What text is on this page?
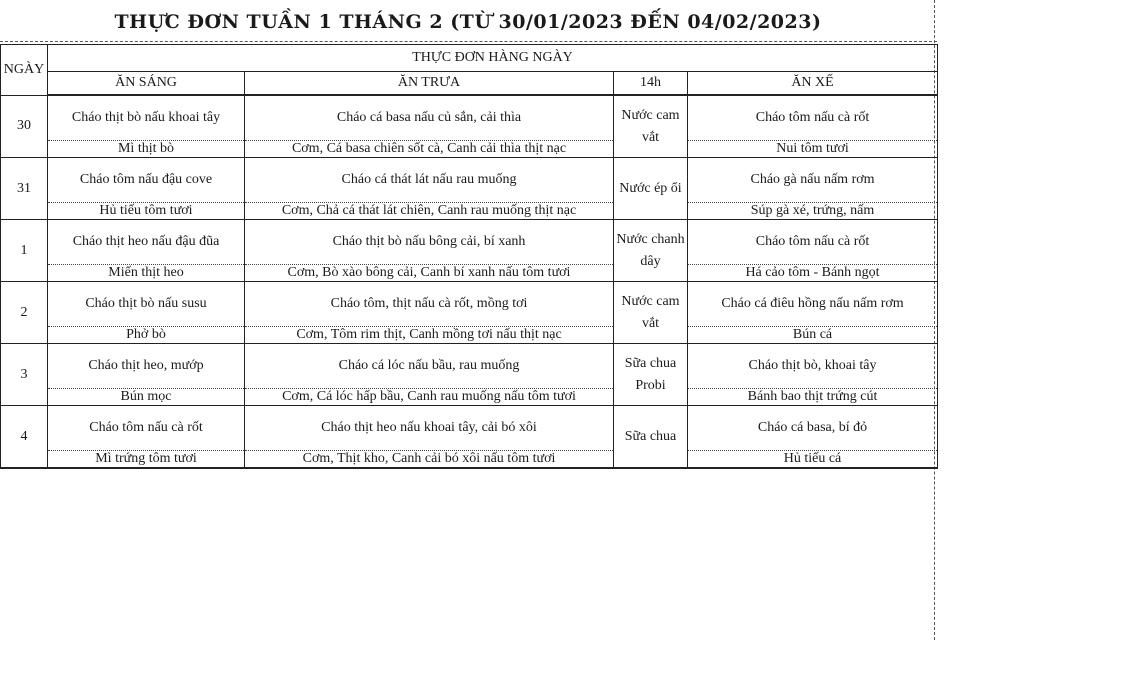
THỰC ĐƠN TUẦN 1 THÁNG 2 (TỪ 30/01/2023 ĐẾN 04/02/2023)
NGÀY	THỰC ĐƠN HÀNG NGÀY			
	ĂN SÁNG	ĂN TRƯA	14h	ĂN XẾ
30	Cháo thịt bò nấu khoai tây	Cháo cá basa nấu củ sắn, cải thìa	Nước cam vắt	Cháo tôm nấu cà rốt
	Mì thịt bò	Cơm, Cá basa chiên sốt cà, Canh cải thìa thịt nạc		Nui tôm tươi
31	Cháo tôm nấu đậu cove	Cháo cá thát lát nấu rau muống	Nước ép ổi	Cháo gà nấu nấm rơm
	Hủ tiếu tôm tươi	Cơm, Chả cá thát lát chiên, Canh rau muống thịt nạc		Súp gà xé, trứng, nấm
1	Cháo thịt heo nấu đậu đũa	Cháo thịt bò nấu bông cải, bí xanh	Nước chanh dây	Cháo tôm nấu cà rốt
	Miến thịt heo	Cơm, Bò xào bông cải, Canh bí xanh nấu tôm tươi		Há cảo tôm - Bánh ngọt
2	Cháo thịt bò nấu susu	Cháo tôm, thịt nấu cà rốt, mồng tơi	Nước cam vắt	Cháo cá điêu hồng nấu nấm rơm
	Phở bò	Cơm, Tôm rim thịt, Canh mồng tơi nấu thịt nạc		Bún cá
3	Cháo thịt heo, mướp	Cháo cá lóc nấu bầu, rau muống	Sữa chua Probi	Cháo thịt bò, khoai tây
	Bún mọc	Cơm, Cá lóc hấp bầu, Canh rau muống nấu tôm tươi		Bánh bao thịt trứng cút
4	Cháo tôm nấu cà rốt	Cháo thịt heo nấu khoai tây, cải bó xôi	Sữa chua	Cháo cá basa, bí đỏ
	Mì trứng tôm tươi	Cơm, Thịt kho, Canh cải bó xôi nấu tôm tươi		Hủ tiếu cá
